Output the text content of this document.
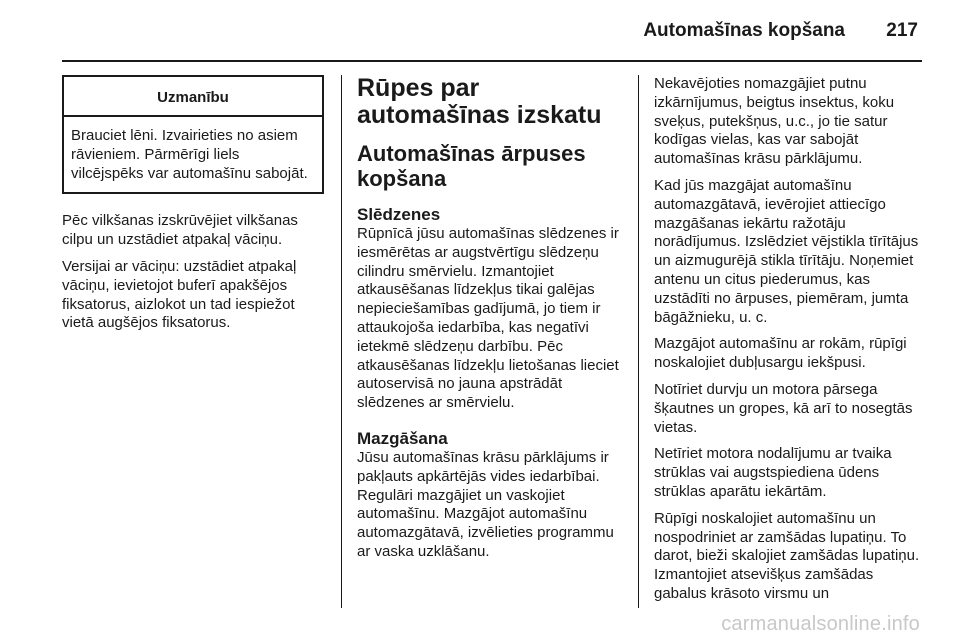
Automašīnas kopšana 217
Uzmanību
Brauciet lēni. Izvairieties no asiem rāvieniem. Pārmērīgi liels vilcējspēks var automašīnu sabojāt.

Pēc vilkšanas izskrūvējiet vilkšanas cilpu un uzstādiet atpakaļ vāciņu.

Versijai ar vāciņu: uzstādiet atpakaļ vāciņu, ievietojot buferī apakšējos fiksatorus, aizlokot un tad iespiežot vietā augšējos fiksatorus.

Rūpes par automašīnas izskatu
Automašīnas ārpuses kopšana
Slēdzenes

Rūpnīcā jūsu automašīnas slēdzenes ir iesmērētas ar augstvērtīgu slēdzeņu cilindru smērvielu. Izmantojiet atkausēšanas līdzekļus tikai galējas nepieciešamības gadījumā, jo tiem ir attaukojoša iedarbība, kas negatīvi ietekmē slēdzeņu darbību. Pēc atkausēšanas līdzekļu lietošanas lieciet autoservisā no jauna apstrādāt slēdzenes ar smērvielu.

Mazgāšana

Jūsu automašīnas krāsu pārklājums ir pakļauts apkārtējās vides iedarbībai. Regulāri mazgājiet un vaskojiet automašīnu. Mazgājot automašīnu automazgātavā, izvēlieties programmu ar vaska uzklāšanu.

Nekavējoties nomazgājiet putnu izkārnījumus, beigtus insektus, koku sveķus, putekšņus, u.c., jo tie satur kodīgas vielas, kas var sabojāt automašīnas krāsu pārklājumu.

Kad jūs mazgājat automašīnu automazgātavā, ievērojiet attiecīgo mazgāšanas iekārtu ražotāju norādījumus. Izslēdziet vējstikla tīrītājus un aizmugurējā stikla tīrītāju. Noņemiet antenu un citus piederumus, kas uzstādīti no ārpuses, piemēram, jumta bāgāžnieku, u. c.

Mazgājot automašīnu ar rokām, rūpīgi noskalojiet dubļusargu iekšpusi.

Notīriet durvju un motora pārsega šķautnes un gropes, kā arī to nosegtās vietas.

Netīriet motora nodalījumu ar tvaika strūklas vai augstspiediena ūdens strūklas aparātu iekārtām.

Rūpīgi noskalojiet automašīnu un nospodriniet ar zamšādas lupatiņu. To darot, bieži skalojiet zamšādas lupatiņu. Izmantojiet atsevišķus zamšādas gabalus krāsoto virsmu un

carmanualsonline.info
